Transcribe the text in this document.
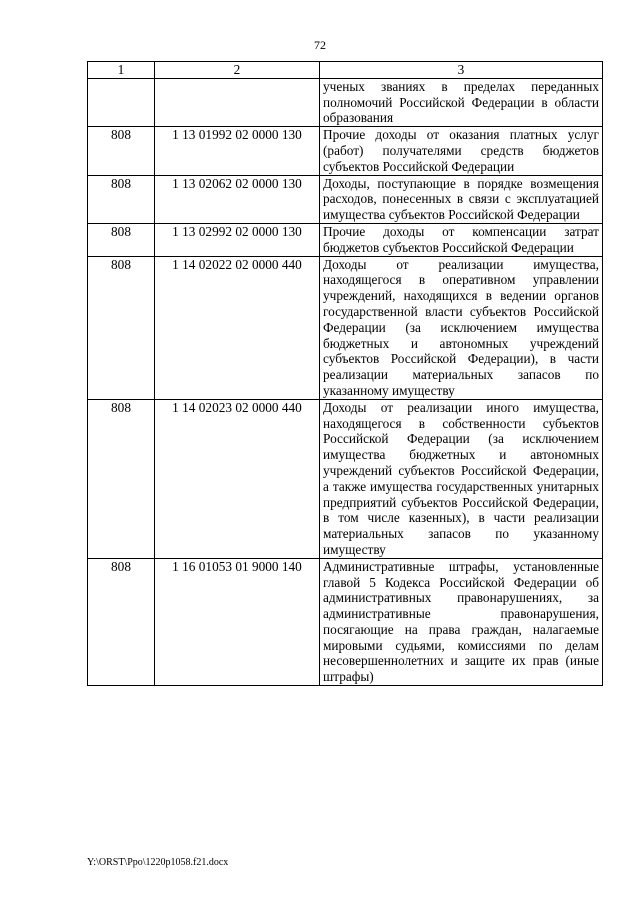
72
1	2	3
		ученых званиях в пределах переданных полномочий Российской Федерации в области образования
808	1 13 01992 02 0000 130	Прочие доходы от оказания платных услуг (работ) получателями средств бюджетов субъектов Российской Федерации
808	1 13 02062 02 0000 130	Доходы, поступающие в порядке возмещения расходов, понесенных в связи с эксплуатацией имущества субъектов Российской Федерации
808	1 13 02992 02 0000 130	Прочие доходы от компенсации затрат бюджетов субъектов Российской Федерации
808	1 14 02022 02 0000 440	Доходы от реализации имущества, находящегося в оперативном управлении учреждений, находящихся в ведении органов государственной власти субъектов Российской Федерации (за исключением имущества бюджетных и автономных учреждений субъектов Российской Федерации), в части реализации материальных запасов по указанному имуществу
808	1 14 02023 02 0000 440	Доходы от реализации иного имущества, находящегося в собственности субъектов Российской Федерации (за исключением имущества бюджетных и автономных учреждений субъектов Российской Федерации, а также имущества государственных унитарных предприятий субъектов Российской Федерации, в том числе казенных), в части реализации материальных запасов по указанному имуществу
808	1 16 01053 01 9000 140	Административные штрафы, установленные главой 5 Кодекса Российской Федерации об административных правонарушениях, за административные правонарушения, посягающие на права граждан, налагаемые мировыми судьями, комиссиями по делам несовершеннолетних и защите их прав (иные штрафы)
Y:\ORST\Ppo\1220p1058.f21.docx
